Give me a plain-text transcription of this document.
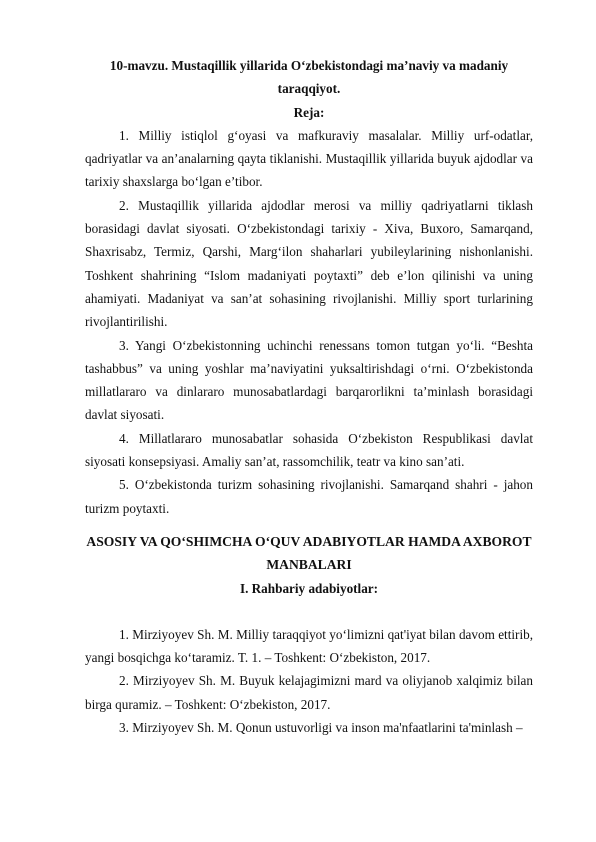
10-mavzu. Mustaqillik yillarida O‘zbekistondagi ma’naviy va madaniy taraqqiyot.

Reja:

1. Milliy istiqlol g‘oyasi va mafkuraviy masalalar. Milliy urf-odatlar, qadriyatlar va an’analarning qayta tiklanishi. Mustaqillik yillarida buyuk ajdodlar va tarixiy shaxslarga bo‘lgan e’tibor.

2. Mustaqillik yillarida ajdodlar merosi va milliy qadriyatlarni tiklash borasidagi davlat siyosati. O‘zbekistondagi tarixiy - Xiva, Buxoro, Samarqand, Shaxrisabz, Termiz, Qarshi, Marg‘ilon shaharlari yubileylarining nishonlanishi. Toshkent shahrining “Islom madaniyati poytaxti” deb e’lon qilinishi va uning ahamiyati. Madaniyat va san’at sohasining rivojlanishi. Milliy sport turlarining rivojlantirilishi.

3. Yangi O‘zbekistonning uchinchi renessans tomon tutgan yo‘li. “Beshta tashabbus” va uning yoshlar ma’naviyatini yuksaltirishdagi o‘rni. O‘zbekistonda millatlararo va dinlararo munosabatlardagi barqarorlikni ta’minlash borasidagi davlat siyosati.

4. Millatlararo munosabatlar sohasida O‘zbekiston Respublikasi davlat siyosati konsepsiyasi. Amaliy san’at, rassomchilik, teatr va kino san’ati.

5. O‘zbekistonda turizm sohasining rivojlanishi. Samarqand shahri - jahon turizm poytaxti.

ASOSIY VA QO‘SHIMCHA O‘QUV ADABIYOTLAR HAMDA AXBOROT MANBALARI

I. Rahbariy adabiyotlar:

1. Mirziyoyev Sh. M. Milliy taraqqiyot yo‘limizni qat'iyat bilan davom ettirib, yangi bosqichga ko‘taramiz. T. 1. – Toshkent: O‘zbekiston, 2017.

2. Mirziyoyev Sh. M. Buyuk kelajagimizni mard va oliyjanob xalqimiz bilan birga quramiz. – Toshkent: O‘zbekiston, 2017.

3. Mirziyoyev Sh. M. Qonun ustuvorligi va inson ma'nfaatlarini ta'minlash –
